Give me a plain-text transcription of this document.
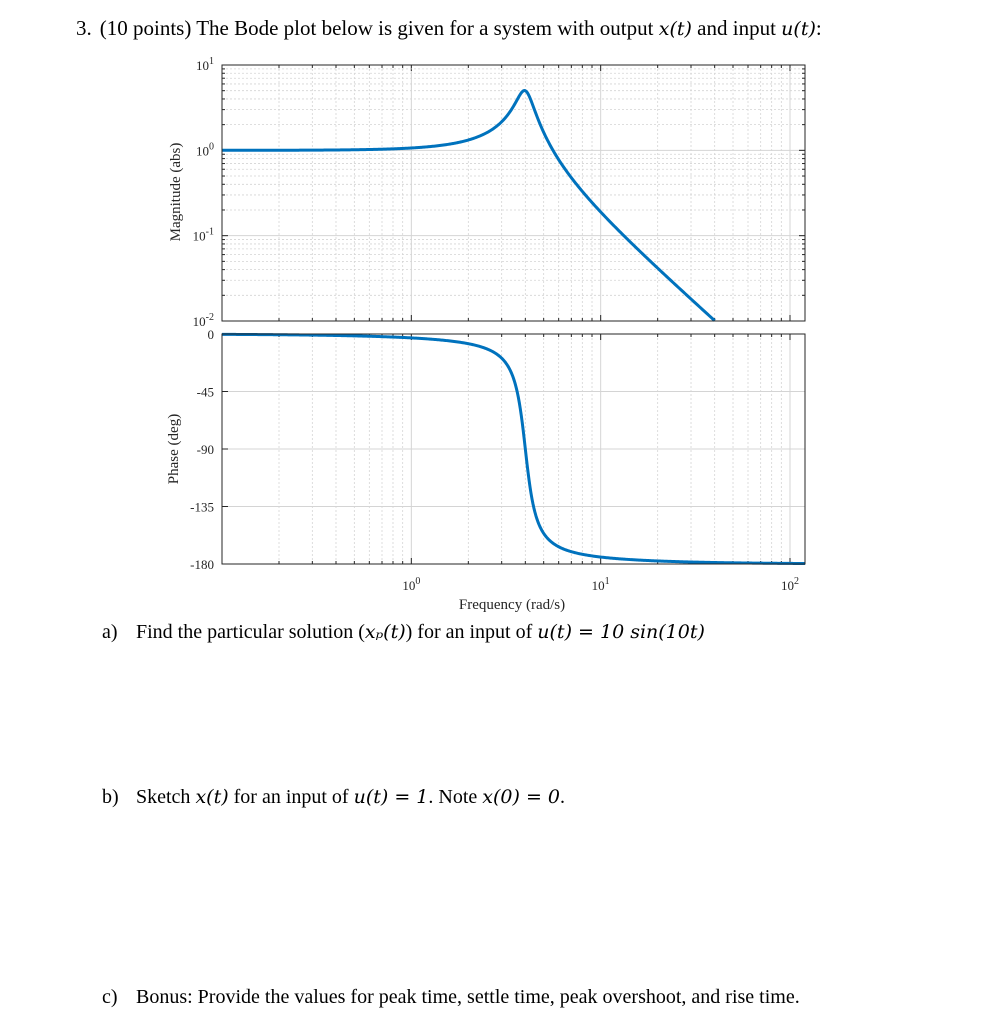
3. (10 points) The Bode plot below is given for a system with output x(t) and input u(t):
$10^1$
$10^0$
$10^{-1}$
$10^{-2}$
0
-45
-90
-135
-180
$10^0$	$10^1$	$10^2$
Magnitude (abs)
Phase (deg)
Frequency (rad/s)
a) Find the particular solution (xₚ(t)) for an input of u(t) = 10 sin(10t)
b) Sketch x(t) for an input of u(t) = 1. Note x(0) = 0.
c) Bonus: Provide the values for peak time, settle time, peak overshoot, and rise time.
